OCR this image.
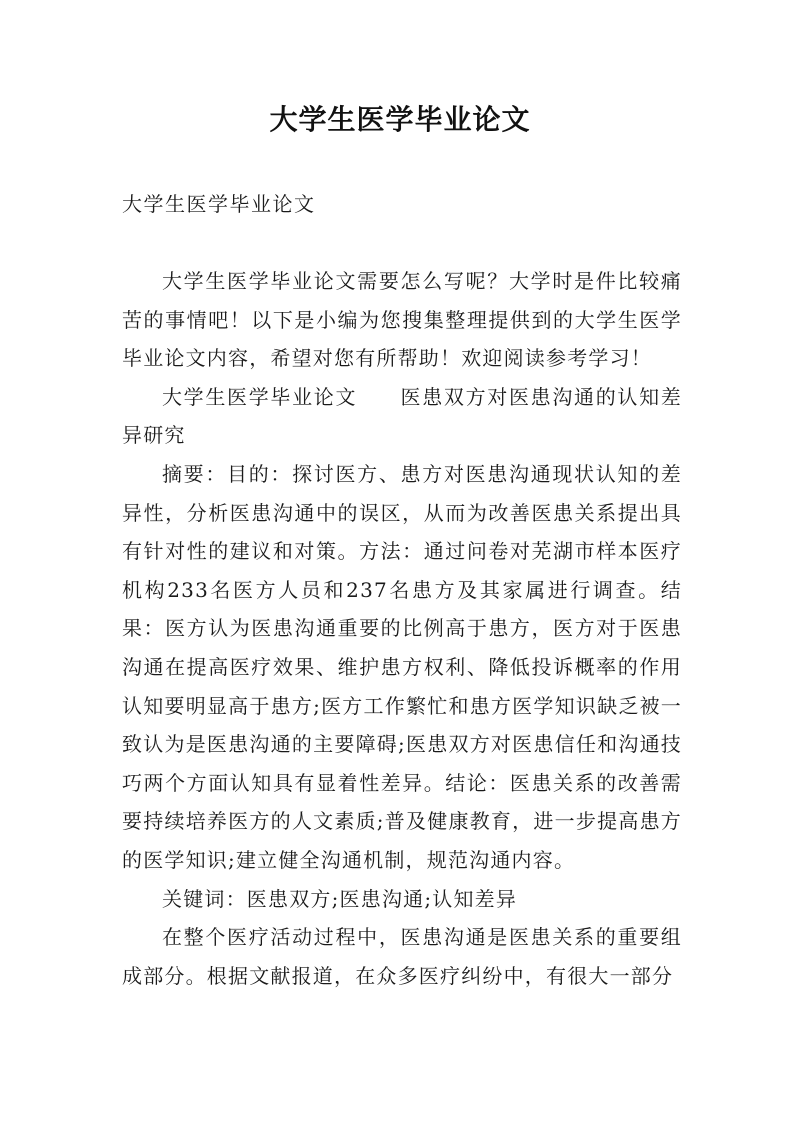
大学生医学毕业论文

大学生医学毕业论文

大学生医学毕业论文需要怎么写呢？大学时是件比较痛苦的事情吧！以下是小编为您搜集整理提供到的大学生医学毕业论文内容，希望对您有所帮助！欢迎阅读参考学习！

大学生医学毕业论文　　医患双方对医患沟通的认知差异研究

摘要：目的：探讨医方、患方对医患沟通现状认知的差异性，分析医患沟通中的误区，从而为改善医患关系提出具有针对性的建议和对策。方法：通过问卷对芜湖市样本医疗机构233名医方人员和237名患方及其家属进行调查。结果：医方认为医患沟通重要的比例高于患方，医方对于医患沟通在提高医疗效果、维护患方权利、降低投诉概率的作用认知要明显高于患方;医方工作繁忙和患方医学知识缺乏被一致认为是医患沟通的主要障碍;医患双方对医患信任和沟通技巧两个方面认知具有显着性差异。结论：医患关系的改善需要持续培养医方的人文素质;普及健康教育，进一步提高患方的医学知识;建立健全沟通机制，规范沟通内容。

关键词：医患双方;医患沟通;认知差异

在整个医疗活动过程中，医患沟通是医患关系的重要组成部分。根据文献报道，在众多医疗纠纷中，有很大一部分
